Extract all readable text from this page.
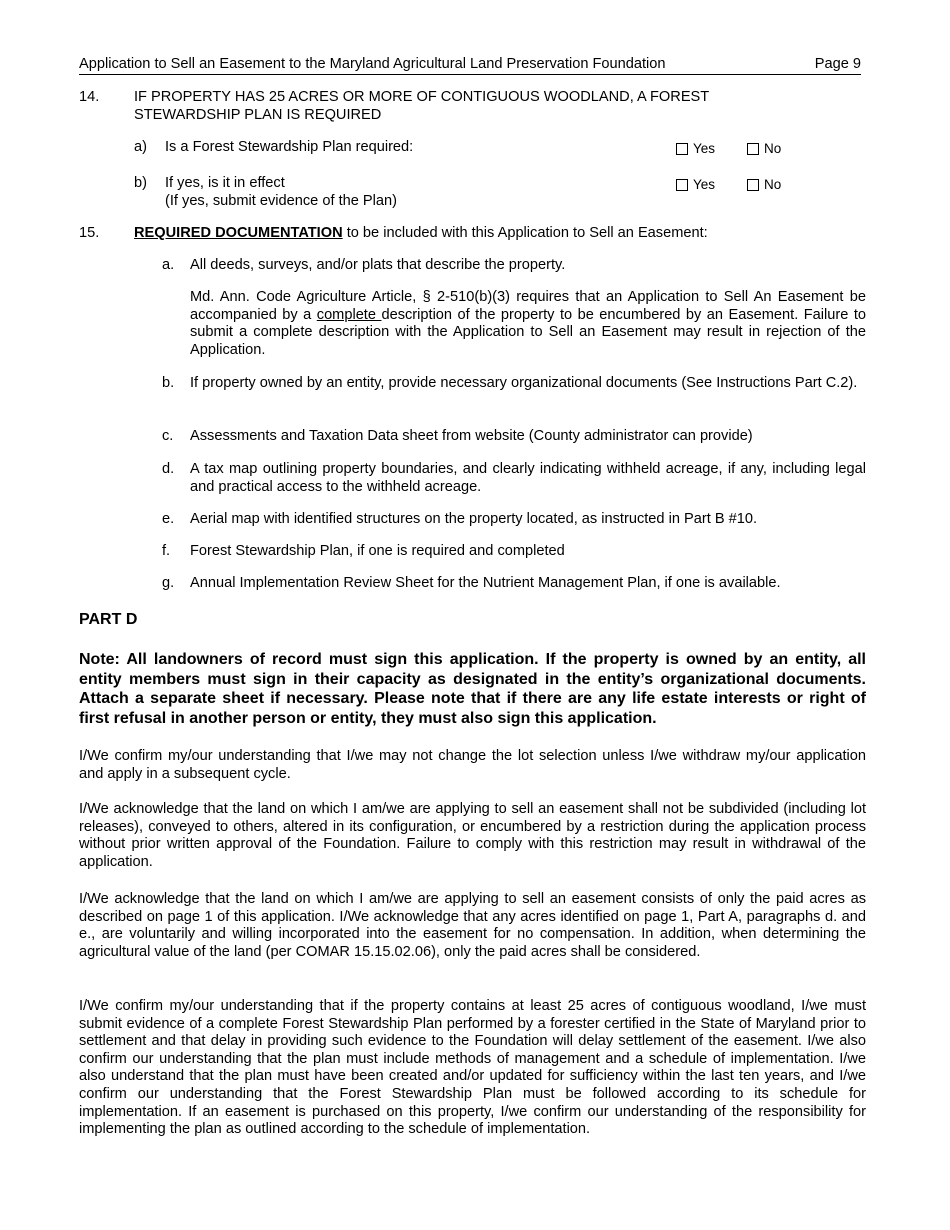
Application to Sell an Easement to the Maryland Agricultural Land Preservation Foundation	Page 9
14. IF PROPERTY HAS 25 ACRES OR MORE OF CONTIGUOUS WOODLAND, A FOREST
STEWARDSHIP PLAN IS REQUIRED
a) Is a Forest Stewardship Plan required:	Yes	No
b) If yes, is it in effect
(If yes, submit evidence of the Plan)
Yes	No
15. REQUIRED DOCUMENTATION to be included with this Application to Sell an Easement:
a. All deeds, surveys, and/or plats that describe the property.
Md. Ann. Code Agriculture Article, § 2-510(b)(3) requires that an Application to Sell An Easement be accompanied by a complete description of the property to be encumbered by an Easement. Failure to submit a complete description with the Application to Sell an Easement may result in rejection of the Application.
b. If property owned by an entity, provide necessary organizational documents (See Instructions Part C.2).
c. Assessments and Taxation Data sheet from website (County administrator can provide)
d. A tax map outlining property boundaries, and clearly indicating withheld acreage, if any, including legal and practical access to the withheld acreage.
e. Aerial map with identified structures on the property located, as instructed in Part B #10.
f. Forest Stewardship Plan, if one is required and completed
g. Annual Implementation Review Sheet for the Nutrient Management Plan, if one is available.
PART D
Note: All landowners of record must sign this application. If the property is owned by an entity, all entity members must sign in their capacity as designated in the entity’s organizational documents. Attach a separate sheet if necessary. Please note that if there are any life estate interests or right of first refusal in another person or entity, they must also sign this application.
I/We confirm my/our understanding that I/we may not change the lot selection unless I/we withdraw my/our application and apply in a subsequent cycle.
I/We acknowledge that the land on which I am/we are applying to sell an easement shall not be subdivided (including lot releases), conveyed to others, altered in its configuration, or encumbered by a restriction during the application process without prior written approval of the Foundation. Failure to comply with this restriction may result in withdrawal of the application.
I/We acknowledge that the land on which I am/we are applying to sell an easement consists of only the paid acres as described on page 1 of this application. I/We acknowledge that any acres identified on page 1, Part A, paragraphs d. and e., are voluntarily and willing incorporated into the easement for no compensation. In addition, when determining the agricultural value of the land (per COMAR 15.15.02.06), only the paid acres shall be considered.
I/We confirm my/our understanding that if the property contains at least 25 acres of contiguous woodland, I/we must submit evidence of a complete Forest Stewardship Plan performed by a forester certified in the State of Maryland prior to settlement and that delay in providing such evidence to the Foundation will delay settlement of the easement. I/we also confirm our understanding that the plan must include methods of management and a schedule of implementation. I/we also understand that the plan must have been created and/or updated for sufficiency within the last ten years, and I/we confirm our understanding that the Forest Stewardship Plan must be followed according to its schedule for implementation. If an easement is purchased on this property, I/we confirm our understanding of the responsibility for implementing the plan as outlined according to the schedule of implementation.
